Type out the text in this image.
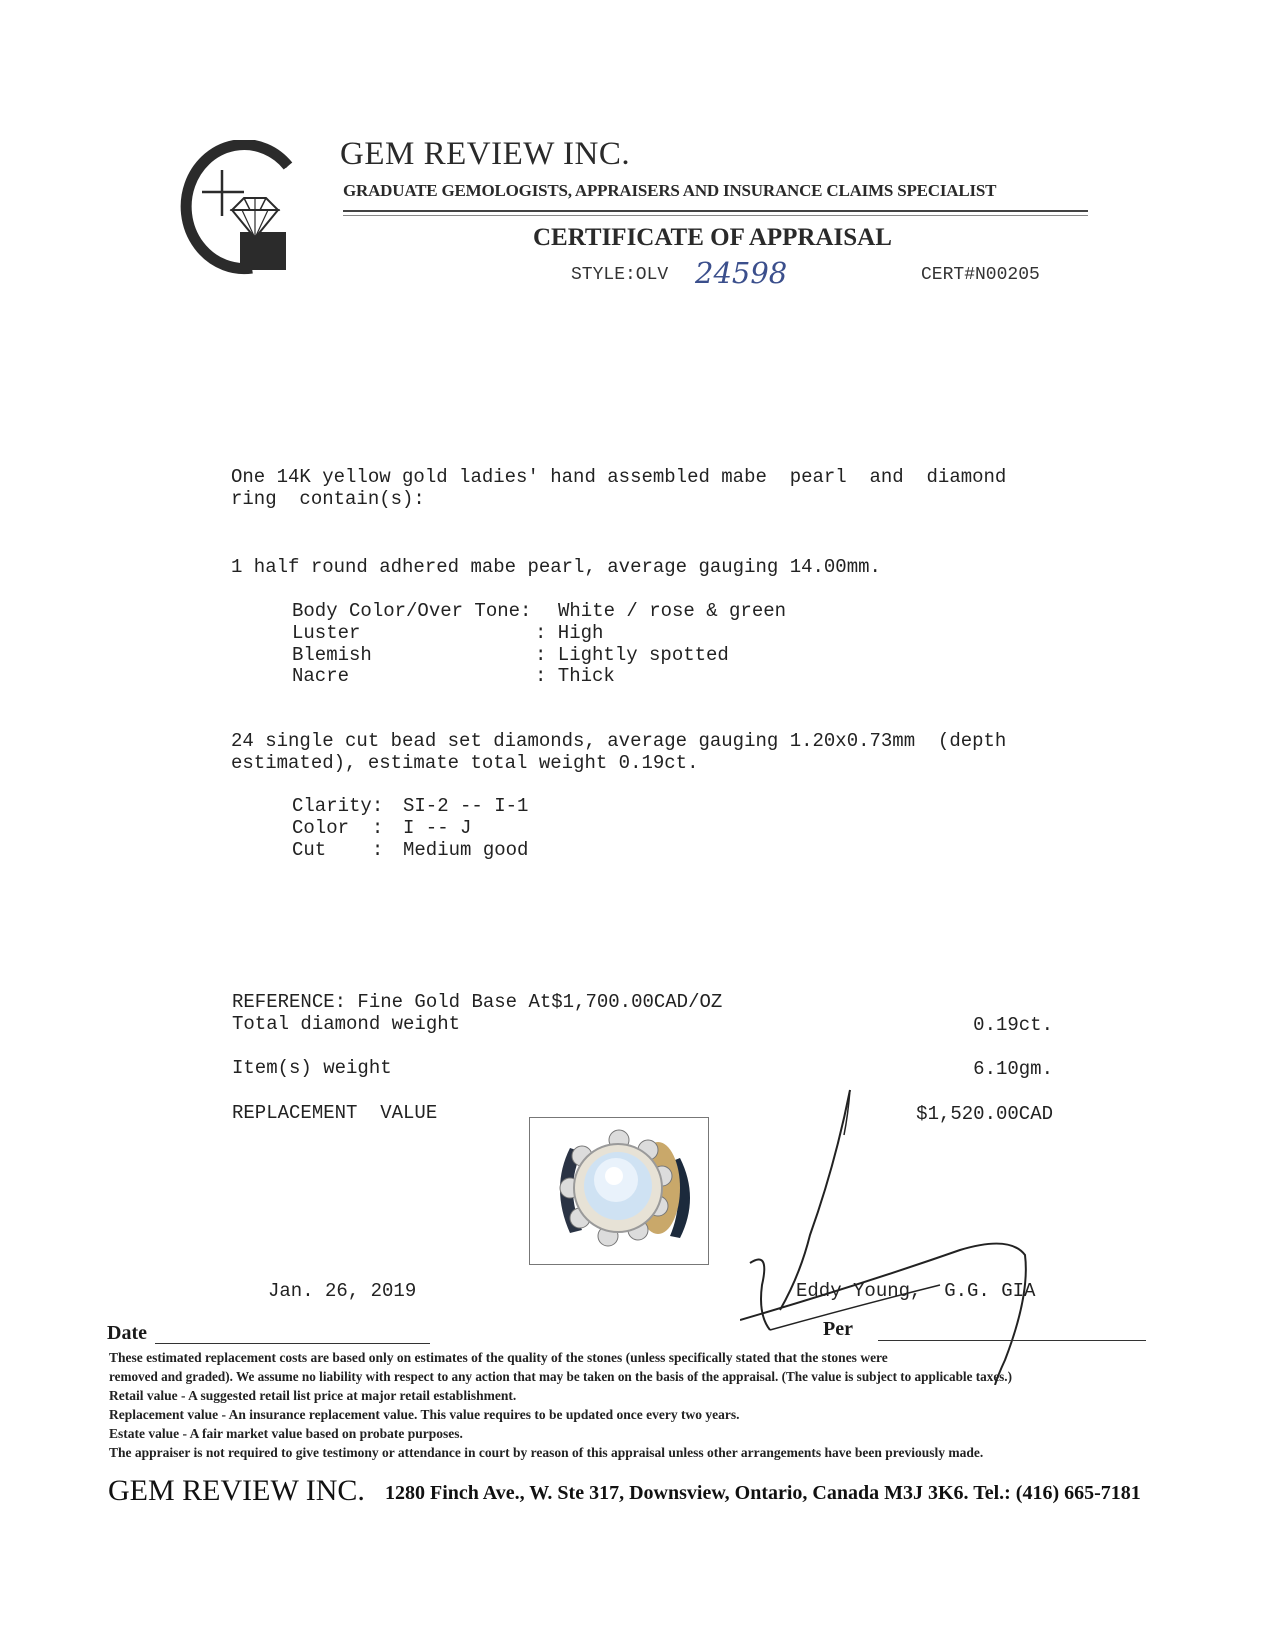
GEM REVIEW INC.
GRADUATE GEMOLOGISTS, APPRAISERS AND INSURANCE CLAIMS SPECIALIST
CERTIFICATE OF APPRAISAL
STYLE:OLV 24598	CERT#N00205
One 14K yellow gold ladies' hand assembled mabe  pearl  and  diamond
ring  contain(s):
1 half round adhered mabe pearl, average gauging 14.00mm.
Body Color/Over Tone: White / rose & green
Luster	: High
Blemish	: Lightly spotted
Nacre	: Thick
24 single cut bead set diamonds, average gauging 1.20x0.73mm  (depth
estimated), estimate total weight 0.19ct.
Clarity: SI-2 -- I-1
Color  : I -- J
Cut    : Medium good
REFERENCE: Fine Gold Base At$1,700.00CAD/OZ
Total diamond weight	0.19ct.
Item(s) weight	6.10gm.
REPLACEMENT  VALUE	$1,520.00CAD
Jan. 26, 2019	Eddy Young,  G.G. GIA
Date	Per
These estimated replacement costs are based only on estimates of the quality of the stones (unless specifically stated that the stones were
removed and graded). We assume no liability with respect to any action that may be taken on the basis of the appraisal. (The value is subject to applicable taxes.)
Retail value - A suggested retail list price at major retail establishment.
Replacement value - An insurance replacement value. This value requires to be updated once every two years.
Estate value - A fair market value based on probate purposes.
The appraiser is not required to give testimony or attendance in court by reason of this appraisal unless other arrangements have been previously made.
GEM REVIEW INC. 1280 Finch Ave., W. Ste 317, Downsview, Ontario, Canada M3J 3K6. Tel.: (416) 665-7181
